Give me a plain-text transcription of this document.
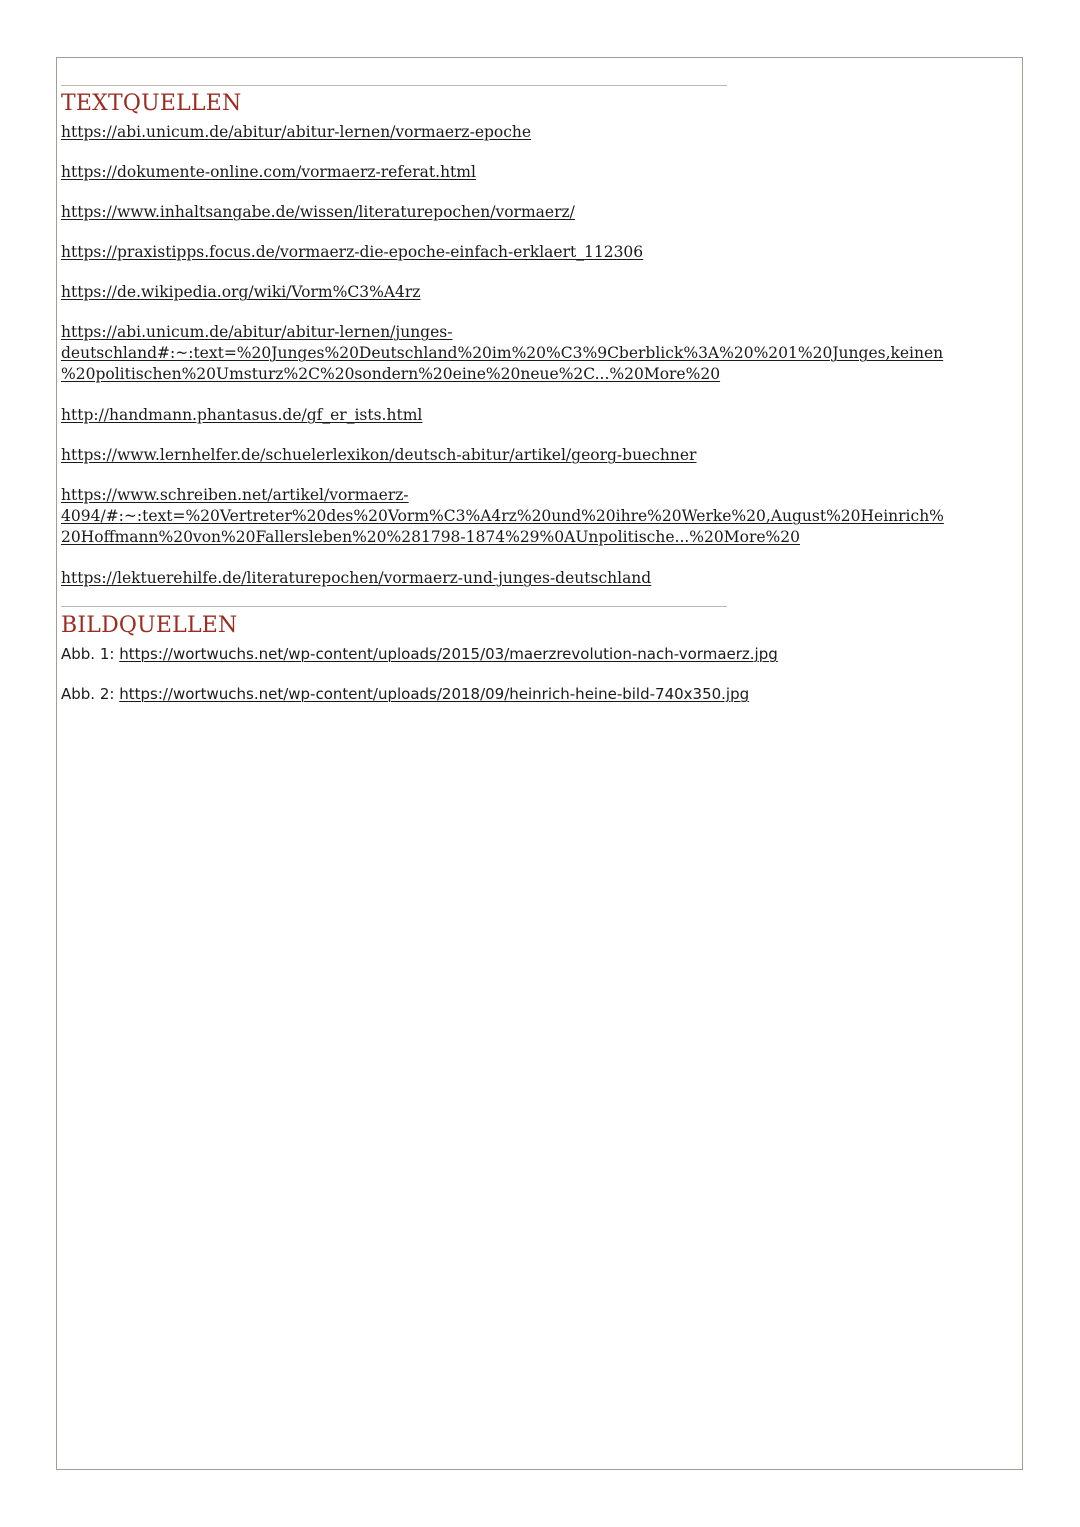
TEXTQUELLEN

https://abi.unicum.de/abitur/abitur-lernen/vormaerz-epoche

https://dokumente-online.com/vormaerz-referat.html

https://www.inhaltsangabe.de/wissen/literaturepochen/vormaerz/

https://praxistipps.focus.de/vormaerz-die-epoche-einfach-erklaert_112306

https://de.wikipedia.org/wiki/Vorm%C3%A4rz

https://abi.unicum.de/abitur/abitur-lernen/junges-
deutschland#:~:text=%20Junges%20Deutschland%20im%20%C3%9Cberblick%3A%20%201%20Junges,keinen
%20politischen%20Umsturz%2C%20sondern%20eine%20neue%2C...%20More%20

http://handmann.phantasus.de/gf_er_ists.html

https://www.lernhelfer.de/schuelerlexikon/deutsch-abitur/artikel/georg-buechner

https://www.schreiben.net/artikel/vormaerz-
4094/#:~:text=%20Vertreter%20des%20Vorm%C3%A4rz%20und%20ihre%20Werke%20,August%20Heinrich%
20Hoffmann%20von%20Fallersleben%20%281798-1874%29%0AUnpolitische...%20More%20

https://lektuerehilfe.de/literaturepochen/vormaerz-und-junges-deutschland

BILDQUELLEN

Abb. 1: https://wortwuchs.net/wp-content/uploads/2015/03/maerzrevolution-nach-vormaerz.jpg

Abb. 2: https://wortwuchs.net/wp-content/uploads/2018/09/heinrich-heine-bild-740x350.jpg
